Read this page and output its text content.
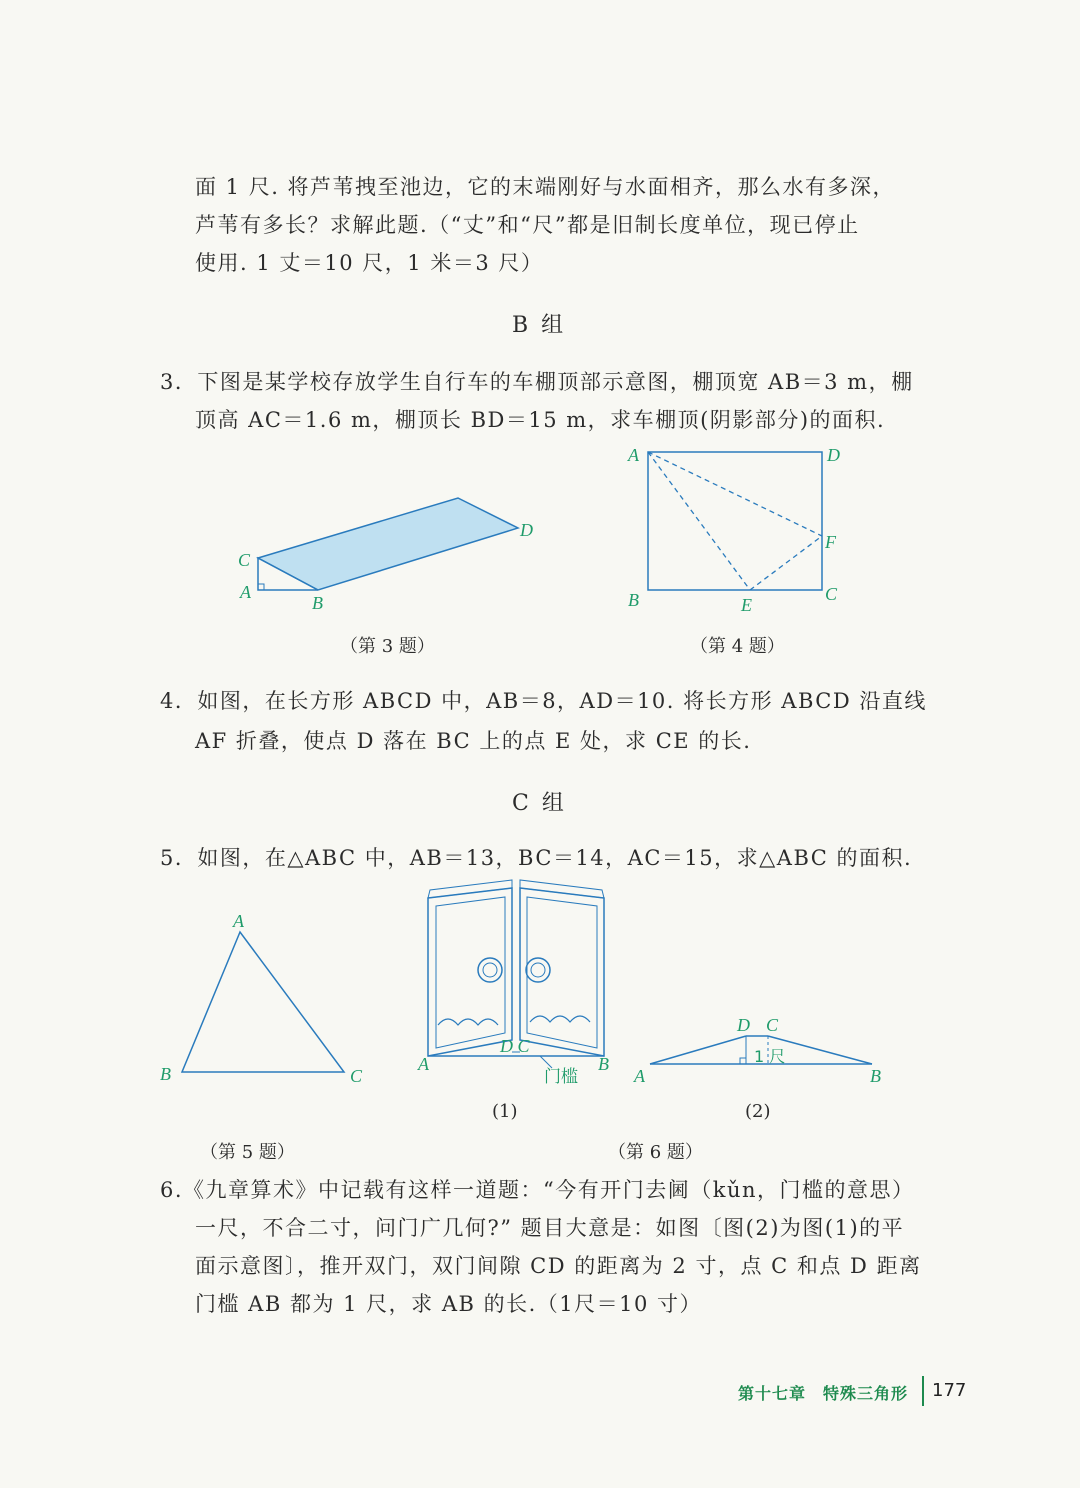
面 1 尺. 将芦苇拽至池边，它的末端刚好与水面相齐，那么水有多深，
芦苇有多长？求解此题.（“丈”和“尺”都是旧制长度单位，现已停止
使用. 1 丈＝10 尺，1 米＝3 尺）
B 组
3．下图是某学校存放学生自行车的车棚顶部示意图，棚顶宽 AB＝3 m，棚
顶高 AC＝1.6 m，棚顶长 BD＝15 m，求车棚顶(阴影部分)的面积.
（第 3 题）	（第 4 题）
4．如图，在长方形 ABCD 中，AB＝8，AD＝10. 将长方形 ABCD 沿直线
AF 折叠，使点 D 落在 BC 上的点 E 处，求 CE 的长.
C 组
5．如图，在△ABC 中，AB＝13，BC＝14，AC＝15，求△ABC 的面积.
(1)	(2)
（第 5 题）	（第 6 题）
6.《九章算术》中记载有这样一道题：“今有开门去阃（kǔn，门槛的意思）
一尺，不合二寸，问门广几何?” 题目大意是：如图〔图(2)为图(1)的平
面示意图〕，推开双门，双门间隙 CD 的距离为 2 寸，点 C 和点 D 距离
门槛 AB 都为 1 尺，求 AB 的长.（1尺＝10 寸）
C
A
B
D
A	D
F
B	E
C
A
B	C
A	B
D C
D C
A	B
门槛
1 尺
第十七章　特殊三角形 177
